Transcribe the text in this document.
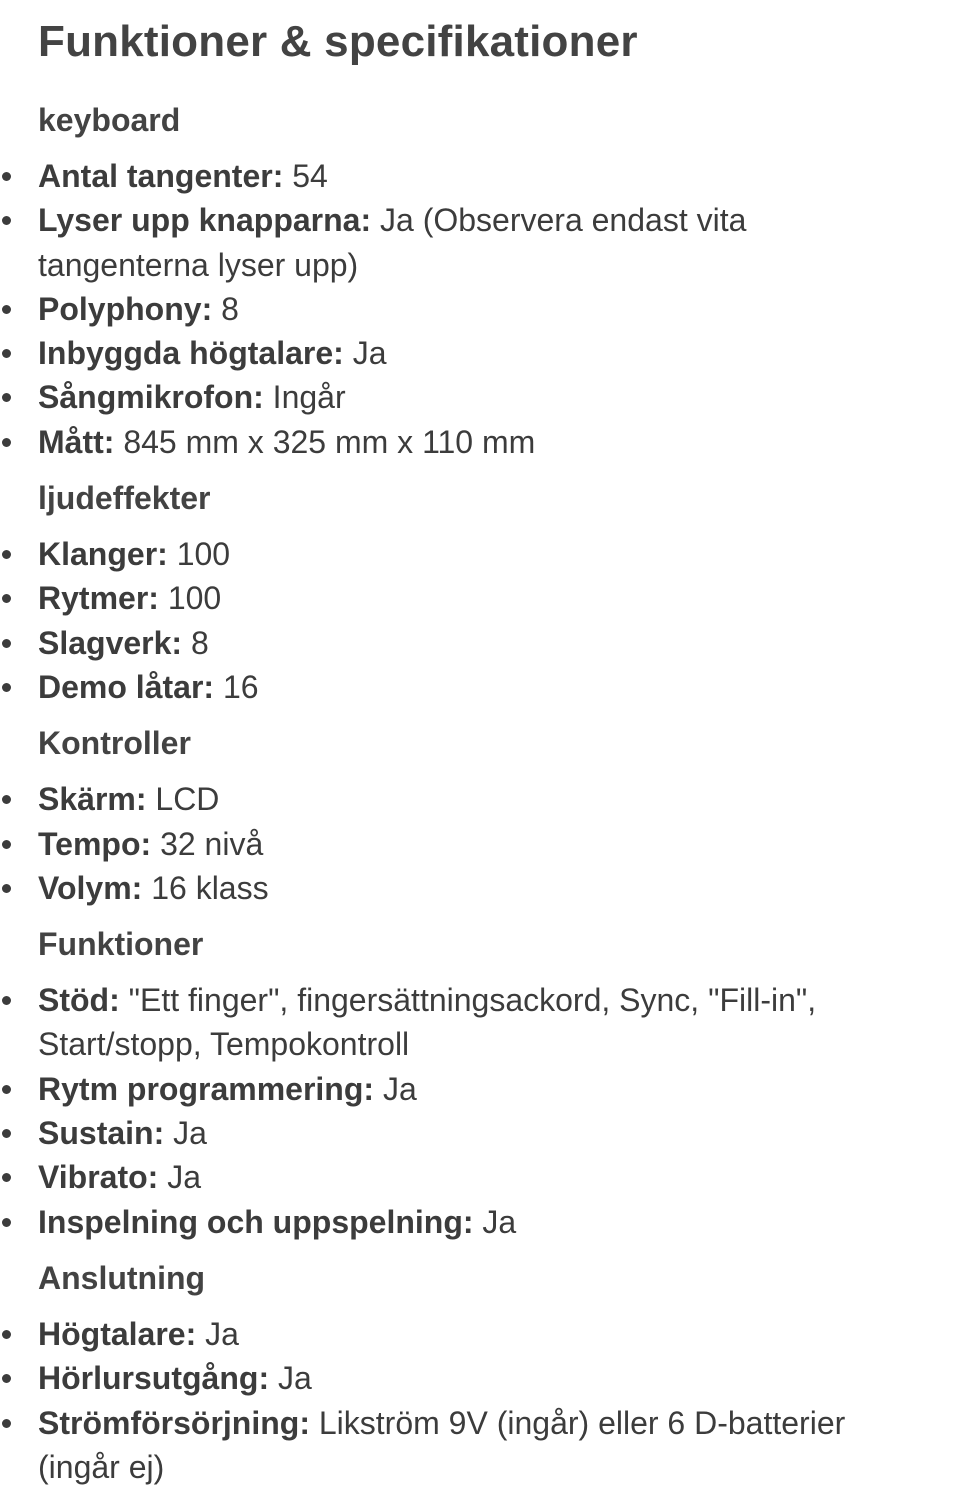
Funktioner & specifikationer
keyboard
Antal tangenter: 54
Lyser upp knapparna: Ja (Observera endast vita tangenterna lyser upp)
Polyphony: 8
Inbyggda högtalare: Ja
Sångmikrofon: Ingår
Mått: 845 mm x 325 mm x 110 mm
ljudeffekter
Klanger: 100
Rytmer: 100
Slagverk: 8
Demo låtar: 16
Kontroller
Skärm: LCD
Tempo: 32 nivå
Volym: 16 klass
Funktioner
Stöd: "Ett finger", fingersättningsackord, Sync, "Fill-in", Start/stopp, Tempokontroll
Rytm programmering: Ja
Sustain: Ja
Vibrato: Ja
Inspelning och uppspelning: Ja
Anslutning
Högtalare: Ja
Hörlursutgång: Ja
Strömförsörjning: Likström 9V (ingår) eller 6 D-batterier (ingår ej)
